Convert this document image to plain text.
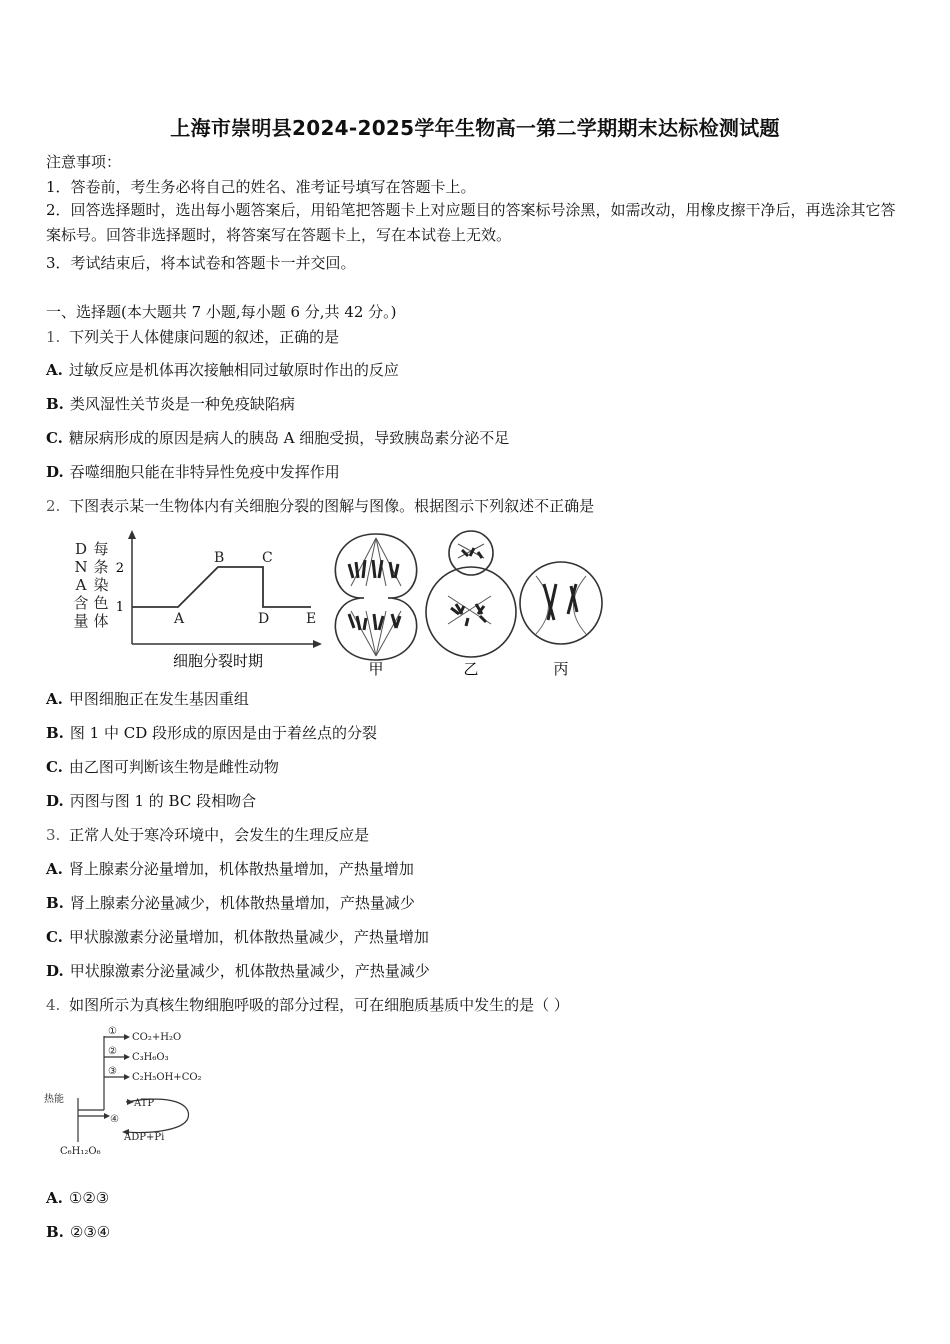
上海市崇明县2024-2025学年生物高一第二学期期末达标检测试题
注意事项：
1．答卷前，考生务必将自己的姓名、准考证号填写在答题卡上。
2．回答选择题时，选出每小题答案后，用铅笔把答题卡上对应题目的答案标号涂黑，如需改动，用橡皮擦干净后，再选涂其它答案标号。回答非选择题时，将答案写在答题卡上，写在本试卷上无效。
3．考试结束后，将本试卷和答题卡一并交回。
一、选择题(本大题共 7 小题,每小题 6 分,共 42 分。)
1. 下列关于人体健康问题的叙述，正确的是
A. 过敏反应是机体再次接触相同过敏原时作出的反应
B. 类风湿性关节炎是一种免疫缺陷病
C. 糖尿病形成的原因是病人的胰岛 A 细胞受损，导致胰岛素分泌不足
D. 吞噬细胞只能在非特异性免疫中发挥作用
2. 下图表示某一生物体内有关细胞分裂的图解与图像。根据图示下列叙述不正确是
每
条
染
色
体
D
N
A
含
量
2
1
A
B	C
D	E
细胞分裂时期	甲	乙	丙
A. 甲图细胞正在发生基因重组
B. 图 1 中 CD 段形成的原因是由于着丝点的分裂
C. 由乙图可判断该生物是雌性动物
D. 丙图与图 1 的 BC 段相吻合
3. 正常人处于寒冷环境中，会发生的生理反应是
A. 肾上腺素分泌量增加，机体散热量增加，产热量增加
B. 肾上腺素分泌量减少，机体散热量增加，产热量减少
C. 甲状腺激素分泌量增加，机体散热量减少，产热量增加
D. 甲状腺激素分泌量减少，机体散热量减少，产热量减少
4. 如图所示为真核生物细胞呼吸的部分过程，可在细胞质基质中发生的是（ ）
①
②
③
④
CO₂+H₂O
C₃H₆O₃
C₂H₅OH+CO₂
ATP
ADP+Pi
热能
C₆H₁₂O₆
A. ①②③
B. ②③④
